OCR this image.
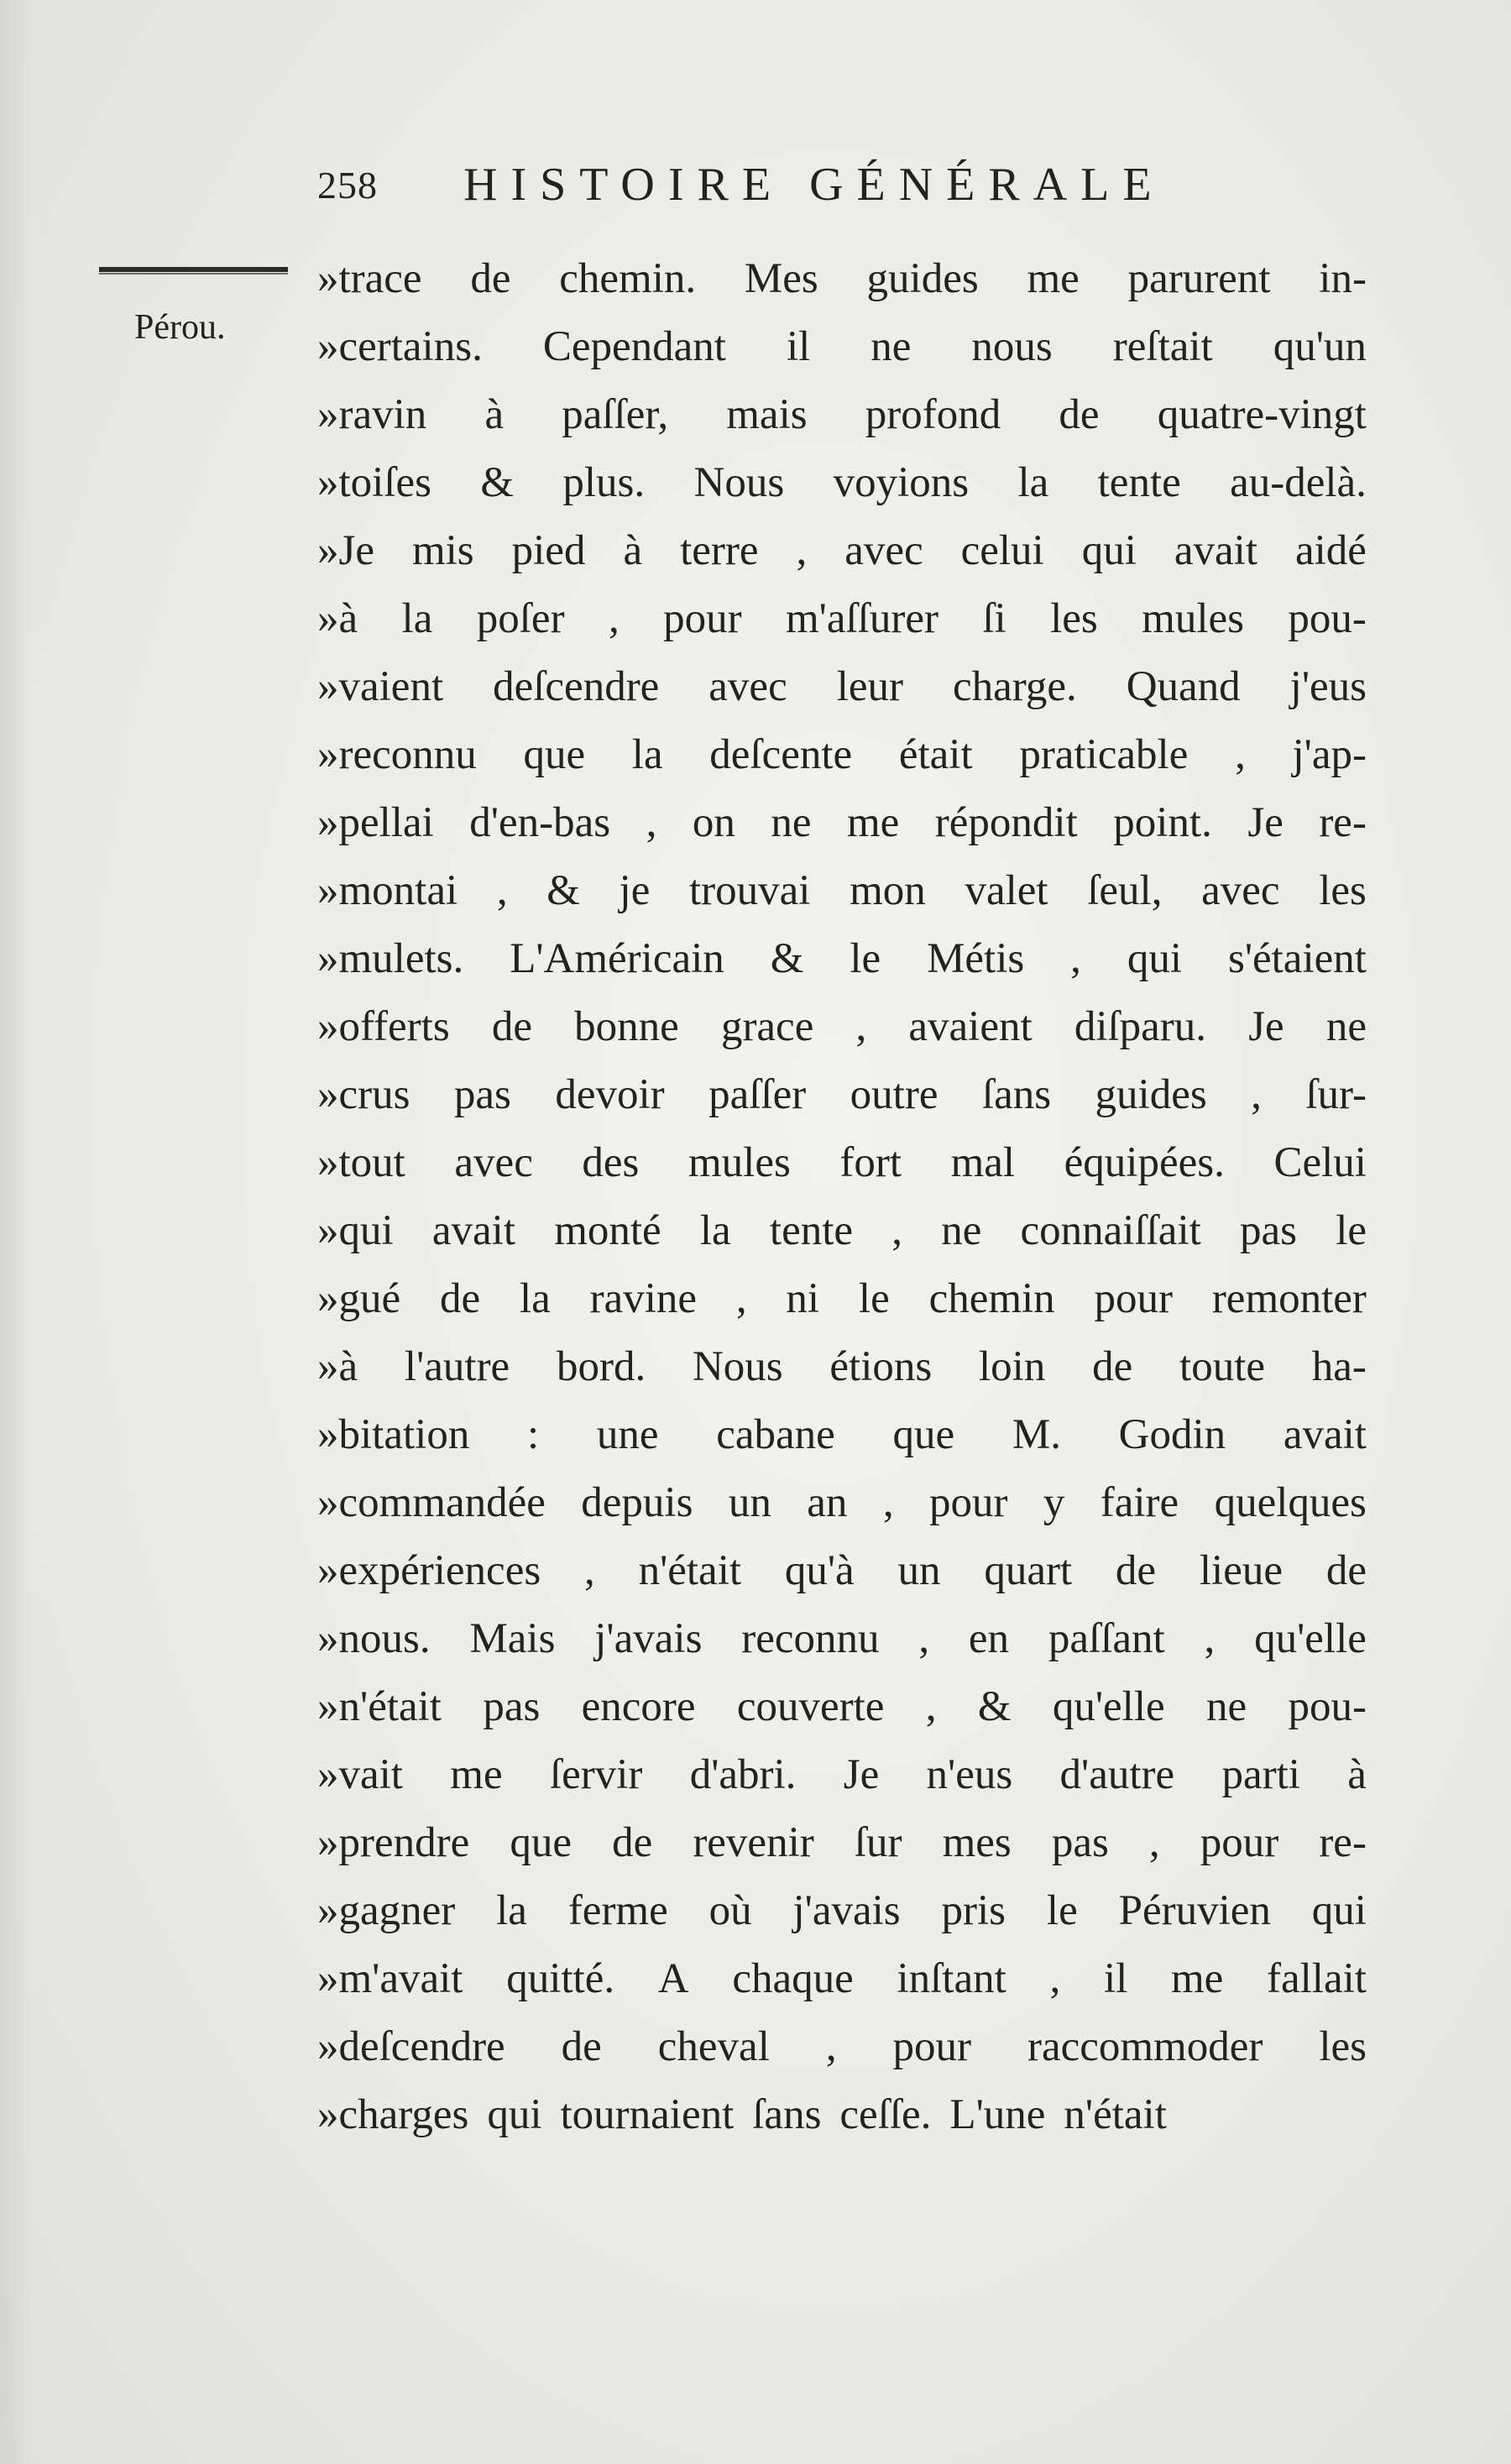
258 HISTOIRE GÉNÉRALE
Pérou.
»trace de chemin. Mes guides me parurent in-
»certains. Cependant il ne nous reſtait qu'un
»ravin à paſſer, mais profond de quatre-vingt
»toiſes & plus. Nous voyions la tente au-delà.
»Je mis pied à terre , avec celui qui avait aidé
»à la poſer , pour m'aſſurer ſi les mules pou-
»vaient deſcendre avec leur charge. Quand j'eus
»reconnu que la deſcente était praticable , j'ap-
»pellai d'en-bas , on ne me répondit point. Je re-
»montai , & je trouvai mon valet ſeul, avec les
»mulets. L'Américain & le Métis , qui s'étaient
»offerts de bonne grace , avaient diſparu. Je ne
»crus pas devoir paſſer outre ſans guides , ſur-
»tout avec des mules fort mal équipées. Celui
»qui avait monté la tente , ne connaiſſait pas le
»gué de la ravine , ni le chemin pour remonter
»à l'autre bord. Nous étions loin de toute ha-
»bitation : une cabane que M. Godin avait
»commandée depuis un an , pour y faire quelques
»expériences , n'était qu'à un quart de lieue de
»nous. Mais j'avais reconnu , en paſſant , qu'elle
»n'était pas encore couverte , & qu'elle ne pou-
»vait me ſervir d'abri. Je n'eus d'autre parti à
»prendre que de revenir ſur mes pas , pour re-
»gagner la ferme où j'avais pris le Péruvien qui
»m'avait quitté. A chaque inſtant , il me fallait
»deſcendre de cheval , pour raccommoder les
»charges qui tournaient ſans ceſſe. L'une n'était
